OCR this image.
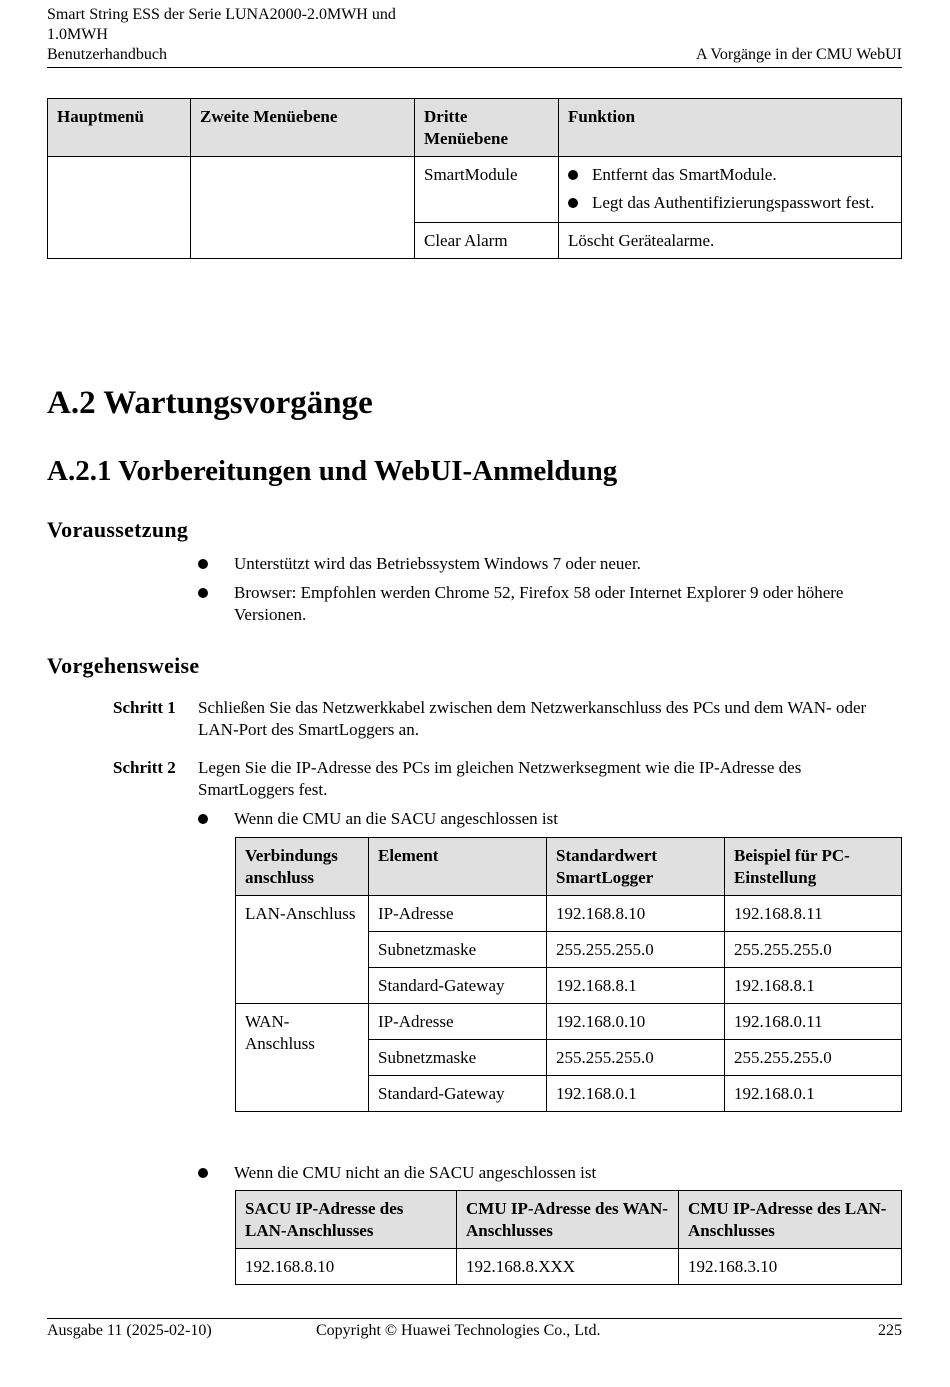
Smart String ESS der Serie LUNA2000-2.0MWH und
1.0MWH
Benutzerhandbuch	A Vorgänge in der CMU WebUI
Hauptmenü	Zweite Menüebene	Dritte Menüebene	Funktion
		SmartModule	Entfernt das SmartModule.
Legt das Authentifizierungspasswort fest.

		Clear Alarm	Löscht Gerätealarme.
A.2 Wartungsvorgänge
A.2.1 Vorbereitungen und WebUI-Anmeldung
Voraussetzung
Unterstützt wird das Betriebssystem Windows 7 oder neuer.
Browser: Empfohlen werden Chrome 52, Firefox 58 oder Internet Explorer 9 oder höhere Versionen.
Vorgehensweise
Schritt 1 Schließen Sie das Netzwerkkabel zwischen dem Netzwerkanschluss des PCs und dem WAN- oder LAN-Port des SmartLoggers an.
Schritt 2 Legen Sie die IP-Adresse des PCs im gleichen Netzwerksegment wie die IP-Adresse des SmartLoggers fest.
Wenn die CMU an die SACU angeschlossen ist
Verbindungs anschluss	Element	Standardwert SmartLogger	Beispiel für PC-Einstellung
LAN-Anschluss	IP-Adresse	192.168.8.10	192.168.8.11
	Subnetzmaske	255.255.255.0	255.255.255.0
	Standard-Gateway	192.168.8.1	192.168.8.1
WAN-Anschluss	IP-Adresse	192.168.0.10	192.168.0.11
	Subnetzmaske	255.255.255.0	255.255.255.0
	Standard-Gateway	192.168.0.1	192.168.0.1
Wenn die CMU nicht an die SACU angeschlossen ist
SACU IP-Adresse des LAN-Anschlusses	CMU IP-Adresse des WAN-Anschlusses	CMU IP-Adresse des LAN-Anschlusses
192.168.8.10	192.168.8.XXX	192.168.3.10
Ausgabe 11 (2025-02-10)	Copyright © Huawei Technologies Co., Ltd.	225
